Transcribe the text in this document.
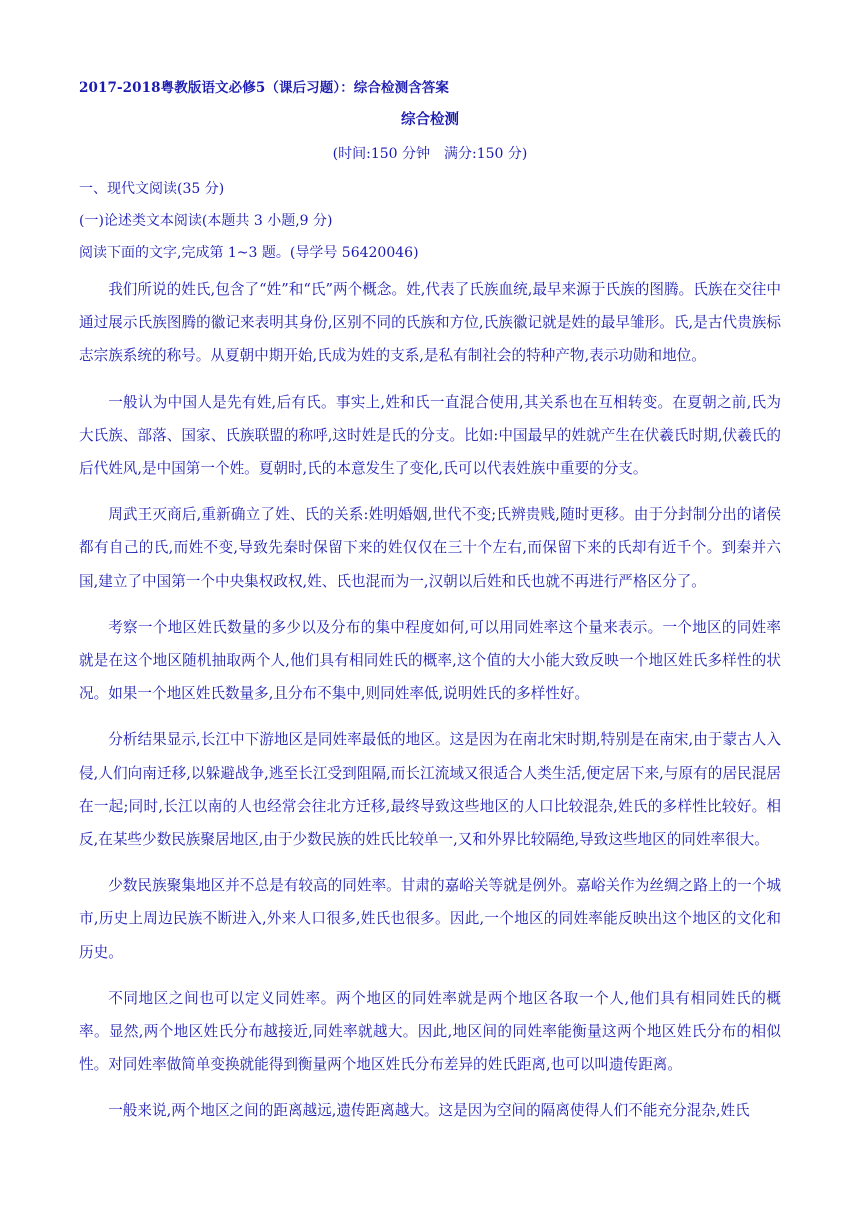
2017-2018粤教版语文必修5（课后习题）：综合检测含答案
综合检测
(时间:150 分钟　满分:150 分)
一、现代文阅读(35 分)
(一)论述类文本阅读(本题共 3 小题,9 分)
阅读下面的文字,完成第 1~3 题。(导学号 56420046)

我们所说的姓氏,包含了“姓”和“氏”两个概念。姓,代表了氏族血统,最早来源于氏族的图腾。氏族在交往中通过展示氏族图腾的徽记来表明其身份,区别不同的氏族和方位,氏族徽记就是姓的最早雏形。氏,是古代贵族标志宗族系统的称号。从夏朝中期开始,氏成为姓的支系,是私有制社会的特种产物,表示功勋和地位。

一般认为中国人是先有姓,后有氏。事实上,姓和氏一直混合使用,其关系也在互相转变。在夏朝之前,氏为大氏族、部落、国家、氏族联盟的称呼,这时姓是氏的分支。比如:中国最早的姓就产生在伏羲氏时期,伏羲氏的后代姓风,是中国第一个姓。夏朝时,氏的本意发生了变化,氏可以代表姓族中重要的分支。

周武王灭商后,重新确立了姓、氏的关系:姓明婚姻,世代不变;氏辨贵贱,随时更移。由于分封制分出的诸侯都有自己的氏,而姓不变,导致先秦时保留下来的姓仅仅在三十个左右,而保留下来的氏却有近千个。到秦并六国,建立了中国第一个中央集权政权,姓、氏也混而为一,汉朝以后姓和氏也就不再进行严格区分了。

考察一个地区姓氏数量的多少以及分布的集中程度如何,可以用同姓率这个量来表示。一个地区的同姓率就是在这个地区随机抽取两个人,他们具有相同姓氏的概率,这个值的大小能大致反映一个地区姓氏多样性的状况。如果一个地区姓氏数量多,且分布不集中,则同姓率低,说明姓氏的多样性好。

分析结果显示,长江中下游地区是同姓率最低的地区。这是因为在南北宋时期,特别是在南宋,由于蒙古人入侵,人们向南迁移,以躲避战争,逃至长江受到阻隔,而长江流域又很适合人类生活,便定居下来,与原有的居民混居在一起;同时,长江以南的人也经常会往北方迁移,最终导致这些地区的人口比较混杂,姓氏的多样性比较好。相反,在某些少数民族聚居地区,由于少数民族的姓氏比较单一,又和外界比较隔绝,导致这些地区的同姓率很大。

少数民族聚集地区并不总是有较高的同姓率。甘肃的嘉峪关等就是例外。嘉峪关作为丝绸之路上的一个城市,历史上周边民族不断进入,外来人口很多,姓氏也很多。因此,一个地区的同姓率能反映出这个地区的文化和历史。

不同地区之间也可以定义同姓率。两个地区的同姓率就是两个地区各取一个人,他们具有相同姓氏的概率。显然,两个地区姓氏分布越接近,同姓率就越大。因此,地区间的同姓率能衡量这两个地区姓氏分布的相似性。对同姓率做简单变换就能得到衡量两个地区姓氏分布差异的姓氏距离,也可以叫遗传距离。

一般来说,两个地区之间的距离越远,遗传距离越大。这是因为空间的隔离使得人们不能充分混杂,姓氏
